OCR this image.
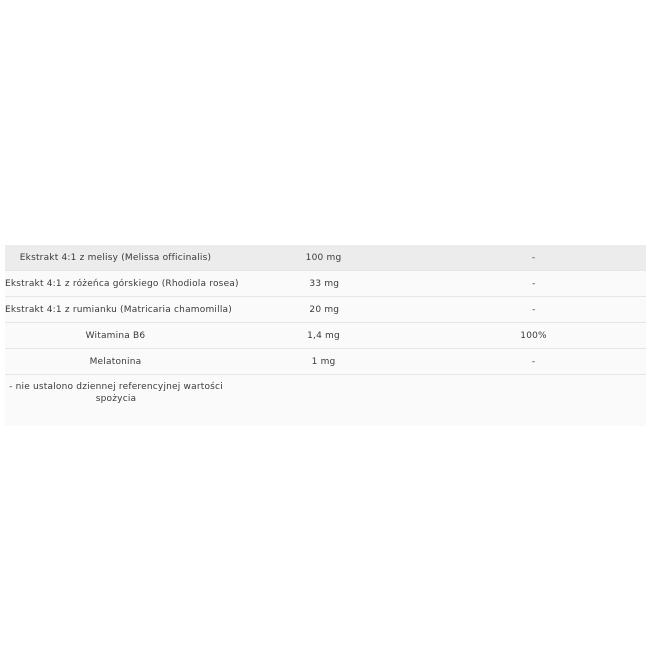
Ekstrakt 4:1 z melisy (Melissa officinalis)	100 mg	-
Ekstrakt 4:1 z różeńca górskiego (Rhodiola rosea)	33 mg	-
Ekstrakt 4:1 z rumianku (Matricaria chamomilla)	20 mg	-
Witamina B6	1,4 mg	100%
Melatonina	1 mg	-
- nie ustalono dziennej referencyjnej wartości
spożycia
